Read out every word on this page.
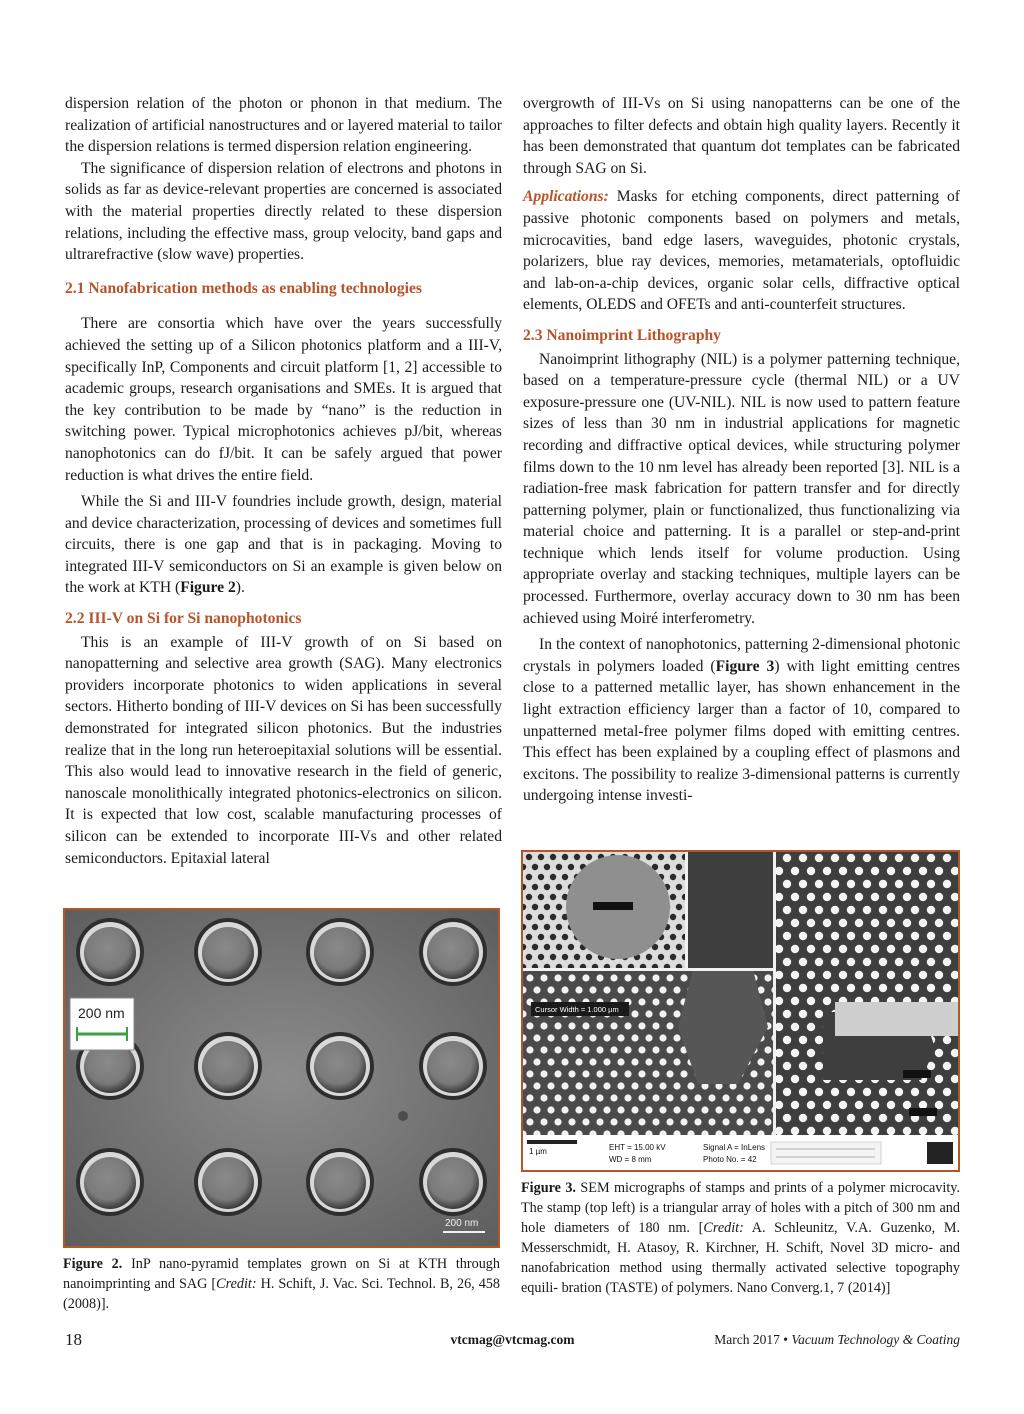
dispersion relation of the photon or phonon in that medium. The realization of artificial nanostructures and or layered material to tailor the dispersion relations is termed dispersion relation engineering.

The significance of dispersion relation of electrons and photons in solids as far as device-relevant properties are concerned is associated with the material properties directly related to these dispersion relations, including the effective mass, group velocity, band gaps and ultrarefractive (slow wave) properties.

2.1 Nanofabrication methods as enabling technologies

There are consortia which have over the years successfully achieved the setting up of a Silicon photonics platform and a III-V, specifically InP, Components and circuit platform [1, 2] accessible to academic groups, research organisations and SMEs. It is argued that the key contribution to be made by “nano” is the reduction in switching power. Typical microphotonics achieves pJ/bit, whereas nanophotonics can do fJ/bit. It can be safely argued that power reduction is what drives the entire field.

While the Si and III-V foundries include growth, design, material and device characterization, processing of devices and sometimes full circuits, there is one gap and that is in packaging. Moving to integrated III-V semiconductors on Si an example is given below on the work at KTH (Figure 2).

2.2 III-V on Si for Si nanophotonics

This is an example of III-V growth of on Si based on nanopatterning and selective area growth (SAG). Many electronics providers incorporate photonics to widen applications in several sectors. Hitherto bonding of III-V devices on Si has been successfully demonstrated for integrated silicon photonics. But the industries realize that in the long run heteroepitaxial solutions will be essential. This also would lead to innovative research in the field of generic, nanoscale monolithically integrated photonics-electronics on silicon. It is expected that low cost, scalable manufacturing processes of silicon can be extended to incorporate III-Vs and other related semiconductors. Epitaxial lateral

overgrowth of III-Vs on Si using nanopatterns can be one of the approaches to filter defects and obtain high quality layers. Recently it has been demonstrated that quantum dot templates can be fabricated through SAG on Si.

Applications: Masks for etching components, direct patterning of passive photonic components based on polymers and metals, microcavities, band edge lasers, waveguides, photonic crystals, polarizers, blue ray devices, memories, metamaterials, optofluidic and lab-on-a-chip devices, organic solar cells, diffractive optical elements, OLEDS and OFETs and anti-counterfeit structures.

2.3 Nanoimprint Lithography

Nanoimprint lithography (NIL) is a polymer patterning technique, based on a temperature-pressure cycle (thermal NIL) or a UV exposure-pressure one (UV-NIL). NIL is now used to pattern feature sizes of less than 30 nm in industrial applications for magnetic recording and diffractive optical devices, while structuring polymer films down to the 10 nm level has already been reported [3]. NIL is a radiation-free mask fabrication for pattern transfer and for directly patterning polymer, plain or functionalized, thus functionalizing via material choice and patterning. It is a parallel or step-and-print technique which lends itself for volume production. Using appropriate overlay and stacking techniques, multiple layers can be processed. Furthermore, overlay accuracy down to 30 nm has been achieved using Moiré interferometry.

In the context of nanophotonics, patterning 2-dimensional photonic crystals in polymers loaded (Figure 3) with light emitting centres close to a patterned metallic layer, has shown enhancement in the light extraction efficiency larger than a factor of 10, compared to unpatterned metal-free polymer films doped with emitting centres. This effect has been explained by a coupling effect of plasmons and excitons. The possibility to realize 3-dimensional patterns is currently undergoing intense investi-

200 nm
200 nm
Figure 2. InP nano-pyramid templates grown on Si at KTH through nanoimprinting and SAG [Credit: H. Schift, J. Vac. Sci. Technol. B, 26, 458 (2008)].
Cursor Width = 1.000 µm
1 µm	EHT = 15.00 kV
WD = 8 mm
Signal A = InLens
Photo No. = 42
Figure 3. SEM micrographs of stamps and prints of a polymer microcavity. The stamp (top left) is a triangular array of holes with a pitch of 300 nm and hole diameters of 180 nm. [Credit: A. Schleunitz, V.A. Guzenko, M. Messerschmidt, H. Atasoy, R. Kirchner, H. Schift, Novel 3D micro- and nanofabrication method using thermally activated selective topography equili- bration (TASTE) of polymers. Nano Converg.1, 7 (2014)]
18	vtcmag@vtcmag.com	March 2017 • Vacuum Technology & Coating
